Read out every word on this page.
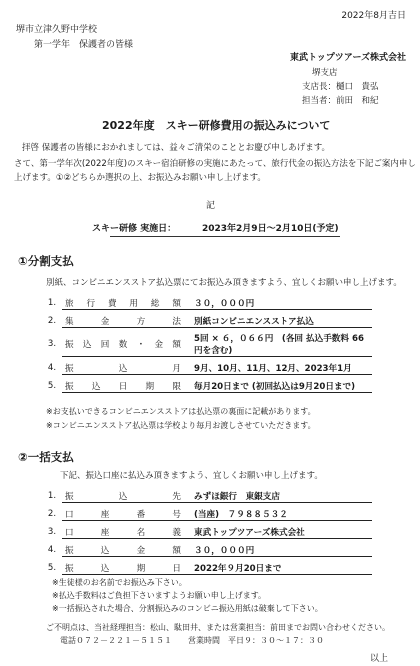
2022年8月吉日
堺市立津久野中学校
第一学年　保護者の皆様
東武トップツアーズ株式会社
堺支店
支店長：樋口　貴弘
担当者：前田　和紀
2022年度　スキー研修費用の振込みについて
拝啓 保護者の皆様におかれましては、益々ご清栄のこととお慶び申しあげます。
さて、第一学年次(2022年度)のスキー宿泊研修の実施にあたって、旅行代金の振込方法を下記ご案内申し
上げます。①②どちらか選択の上、お振込みお願い申し上げます。
記
スキー研修 実施日：	2023年2月9日～2月10日(予定)
①分割支払
別紙、コンビニエンスストア払込票にてお振込み頂きますよう、宜しくお願い申し上げます。
1.	旅行費用総額	３０，０００円

2.	集金方法	別紙コンビニエンスストア払込

3.	振込回数・金額	5回 × ６，０６６円　(各回 払込手数料 66円を含む)

4.	振込月	9月、10月、11月、12月、2023年1月

5.	振込日期限	毎月20日まで (初回払込は9月20日まで)
※お支払いできるコンビニエンスストアは払込票の裏面に記載があります。
※コンビニエンスストア払込票は学校より毎月お渡しさせていただきます。
②一括支払
下記、振込口座に払込み頂きますよう、宜しくお願い申し上げます。
1.	振込先	みずほ銀行　東銀支店

2.	口座番号	(当座)　７９８８５３２

3.	口座名義	東武トップツアーズ株式会社

4.	振込金額	３０，０００円

5.	振込期日	2022年９月20日まで
※生徒様のお名前でお振込み下さい。
※払込手数料はご負担下さいますようお願い申し上げます。
※一括振込された場合、分割振込みのコンビニ振込用紙は破棄して下さい。
ご不明点は、当社経理担当：松山、駄田井、または営業担当：前田までお問い合わせください。
電話０７２－２２１－５１５１　　営業時間　平日９：３０～１７：３０
以上
